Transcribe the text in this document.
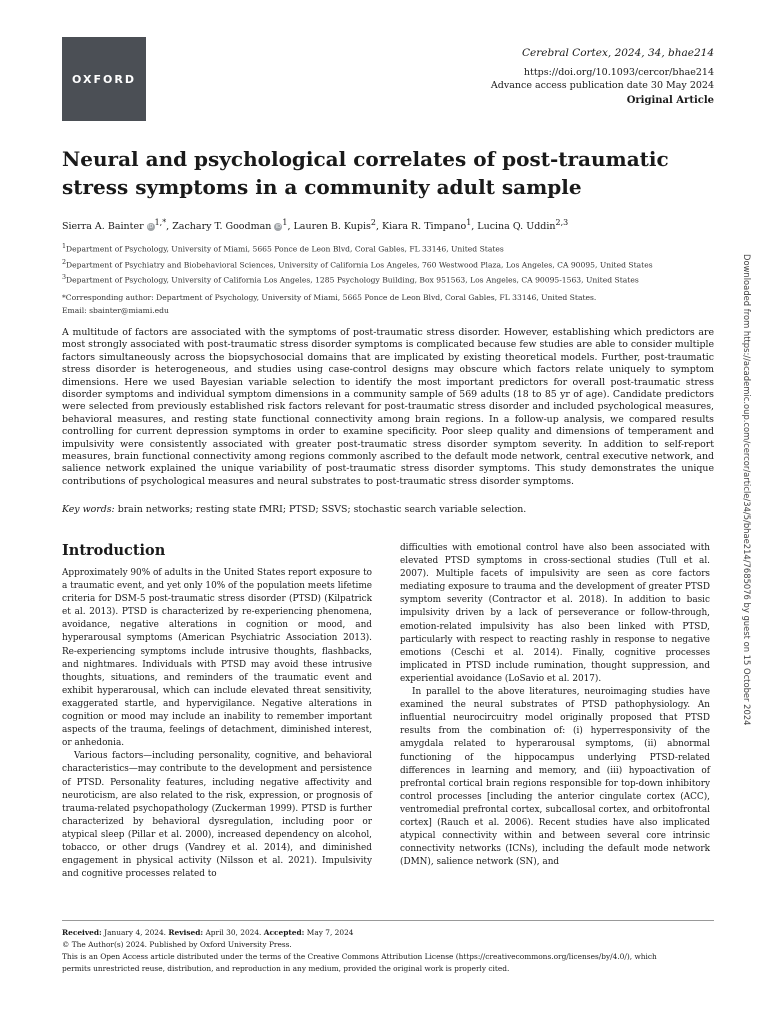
OXFORD
Cerebral Cortex, 2024, 34, bhae214
https://doi.org/10.1093/cercor/bhae214
Advance access publication date 30 May 2024
Original Article
Neural and psychological correlates of post-traumatic stress symptoms in a community adult sample
Sierra A. Bainter $iD^{1,*}$, Zachary T. Goodman $iD^1$, Lauren B. Kupis$^2$, Kiara R. Timpano$^1$, Lucina Q. Uddin$^{2,3}$
$^1$Department of Psychology, University of Miami, 5665 Ponce de Leon Blvd, Coral Gables, FL 33146, United States
$^2$Department of Psychiatry and Biobehavioral Sciences, University of California Los Angeles, 760 Westwood Plaza, Los Angeles, CA 90095, United States
$^3$Department of Psychology, University of California Los Angeles, 1285 Psychology Building, Box 951563, Los Angeles, CA 90095-1563, United States
*Corresponding author: Department of Psychology, University of Miami, 5665 Ponce de Leon Blvd, Coral Gables, FL 33146, United States.
Email: sbainter@miami.edu

A multitude of factors are associated with the symptoms of post-traumatic stress disorder. However, establishing which predictors are most strongly associated with post-traumatic stress disorder symptoms is complicated because few studies are able to consider multiple factors simultaneously across the biopsychosocial domains that are implicated by existing theoretical models. Further, post-traumatic stress disorder is heterogeneous, and studies using case-control designs may obscure which factors relate uniquely to symptom dimensions. Here we used Bayesian variable selection to identify the most important predictors for overall post-traumatic stress disorder symptoms and individual symptom dimensions in a community sample of 569 adults (18 to 85 yr of age). Candidate predictors were selected from previously established risk factors relevant for post-traumatic stress disorder and included psychological measures, behavioral measures, and resting state functional connectivity among brain regions. In a follow-up analysis, we compared results controlling for current depression symptoms in order to examine specificity. Poor sleep quality and dimensions of temperament and impulsivity were consistently associated with greater post-traumatic stress disorder symptom severity. In addition to self-report measures, brain functional connectivity among regions commonly ascribed to the default mode network, central executive network, and salience network explained the unique variability of post-traumatic stress disorder symptoms. This study demonstrates the unique contributions of psychological measures and neural substrates to post-traumatic stress disorder symptoms.

Key words: brain networks; resting state fMRI; PTSD; SSVS; stochastic search variable selection.
Introduction

Approximately 90% of adults in the United States report exposure to a traumatic event, and yet only 10% of the population meets lifetime criteria for DSM-5 post-traumatic stress disorder (PTSD) (Kilpatrick et al. 2013). PTSD is characterized by re-experiencing phenomena, avoidance, negative alterations in cognition or mood, and hyperarousal symptoms (American Psychiatric Association 2013). Re-experiencing symptoms include intrusive thoughts, flashbacks, and nightmares. Individuals with PTSD may avoid these intrusive thoughts, situations, and reminders of the traumatic event and exhibit hyperarousal, which can include elevated threat sensitivity, exaggerated startle, and hypervigilance. Negative alterations in cognition or mood may include an inability to remember important aspects of the trauma, feelings of detachment, diminished interest, or anhedonia.

Various factors—including personality, cognitive, and behavioral characteristics—may contribute to the development and persistence of PTSD. Personality features, including negative affectivity and neuroticism, are also related to the risk, expression, or prognosis of trauma-related psychopathology (Zuckerman 1999). PTSD is further characterized by behavioral dysregulation, including poor or atypical sleep (Pillar et al. 2000), increased dependency on alcohol, tobacco, or other drugs (Vandrey et al. 2014), and diminished engagement in physical activity (Nilsson et al. 2021). Impulsivity and cognitive processes related to

difficulties with emotional control have also been associated with elevated PTSD symptoms in cross-sectional studies (Tull et al. 2007). Multiple facets of impulsivity are seen as core factors mediating exposure to trauma and the development of greater PTSD symptom severity (Contractor et al. 2018). In addition to basic impulsivity driven by a lack of perseverance or follow-through, emotion-related impulsivity has also been linked with PTSD, particularly with respect to reacting rashly in response to negative emotions (Ceschi et al. 2014). Finally, cognitive processes implicated in PTSD include rumination, thought suppression, and experiential avoidance (LoSavio et al. 2017).

In parallel to the above literatures, neuroimaging studies have examined the neural substrates of PTSD pathophysiology. An influential neurocircuitry model originally proposed that PTSD results from the combination of: (i) hyperresponsivity of the amygdala related to hyperarousal symptoms, (ii) abnormal functioning of the hippocampus underlying PTSD-related differences in learning and memory, and (iii) hypoactivation of prefrontal cortical brain regions responsible for top-down inhibitory control processes [including the anterior cingulate cortex (ACC), ventromedial prefrontal cortex, subcallosal cortex, and orbitofrontal cortex] (Rauch et al. 2006). Recent studies have also implicated atypical connectivity within and between several core intrinsic connectivity networks (ICNs), including the default mode network (DMN), salience network (SN), and

Downloaded from https://academic.oup.com/cercor/article/34/5/bhae214/7685076 by guest on 15 October 2024
Received: January 4, 2024. Revised: April 30, 2024. Accepted: May 7, 2024
© The Author(s) 2024. Published by Oxford University Press.
This is an Open Access article distributed under the terms of the Creative Commons Attribution License (https://creativecommons.org/licenses/by/4.0/), which
permits unrestricted reuse, distribution, and reproduction in any medium, provided the original work is properly cited.
